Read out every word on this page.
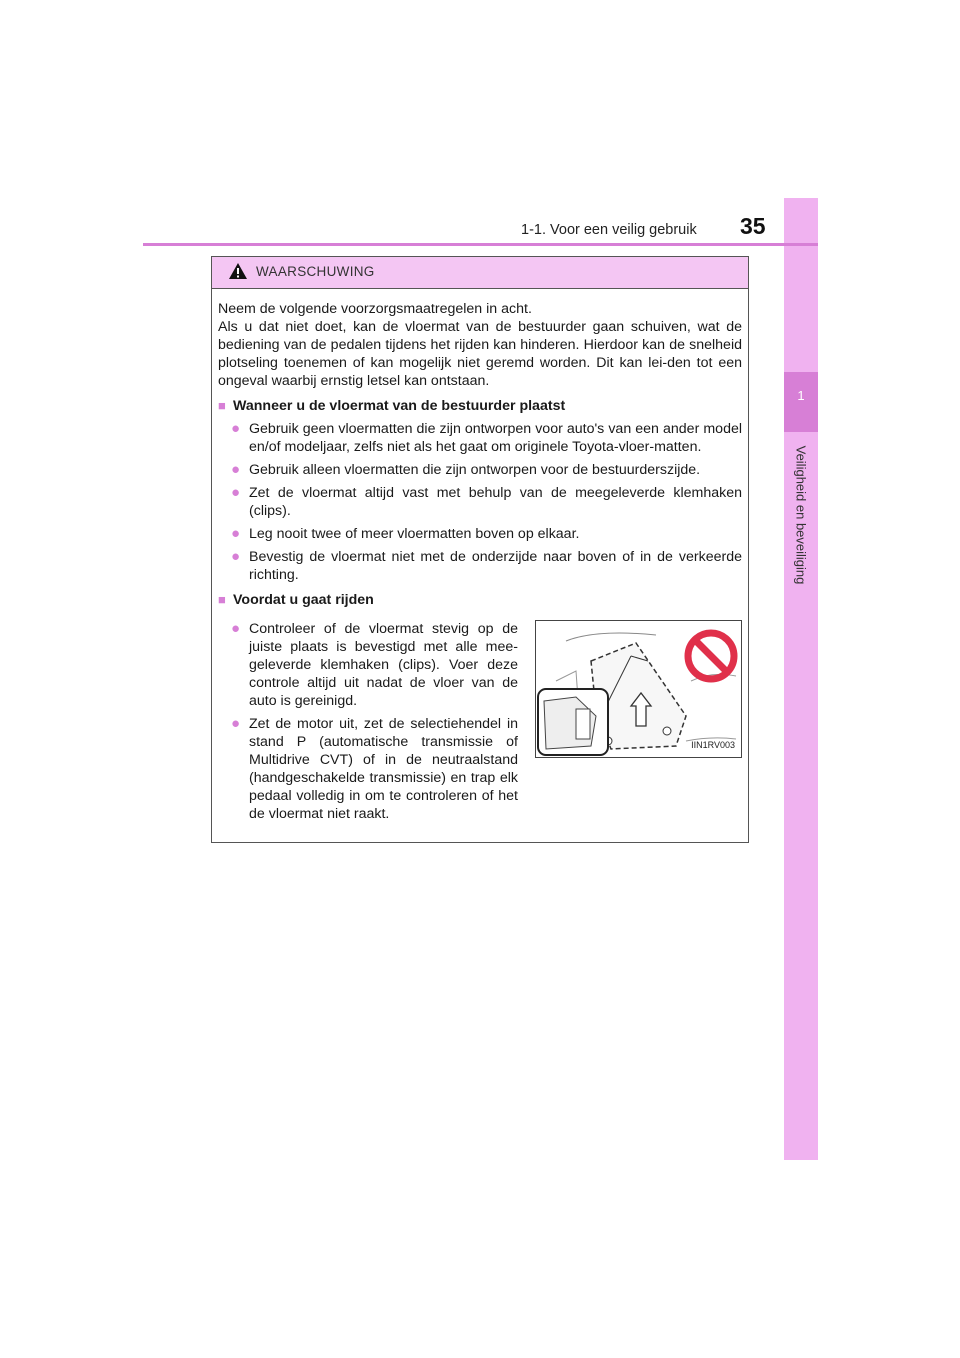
1
Veiligheid en beveiliging
1-1. Voor een veilig gebruik 35
WAARSCHUWING

Neem de volgende voorzorgsmaatregelen in acht.

Als u dat niet doet, kan de vloermat van de bestuurder gaan schuiven, wat de bediening van de pedalen tijdens het rijden kan hinderen. Hierdoor kan de snelheid plotseling toenemen of kan mogelijk niet geremd worden. Dit kan lei-den tot een ongeval waarbij ernstig letsel kan ontstaan.

■ Wanneer u de vloermat van de bestuurder plaatst
● Gebruik geen vloermatten die zijn ontworpen voor auto's van een ander model en/of modeljaar, zelfs niet als het gaat om originele Toyota-vloer-matten.
● Gebruik alleen vloermatten die zijn ontworpen voor de bestuurderszijde.
● Zet de vloermat altijd vast met behulp van de meegeleverde klemhaken (clips).
● Leg nooit twee of meer vloermatten boven op elkaar.
● Bevestig de vloermat niet met de onderzijde naar boven of in de verkeerde richting.
■ Voordat u gaat rijden
● Controleer of de vloermat stevig op de juiste plaats is bevestigd met alle mee-geleverde klemhaken (clips). Voer deze controle altijd uit nadat de vloer van de auto is gereinigd.
● Zet de motor uit, zet de selectiehendel in stand P (automatische transmissie of Multidrive CVT) of in de neutraalstand (handgeschakelde transmissie) en trap elk pedaal volledig in om te controleren of het de vloermat niet raakt.
IIN1RV003
